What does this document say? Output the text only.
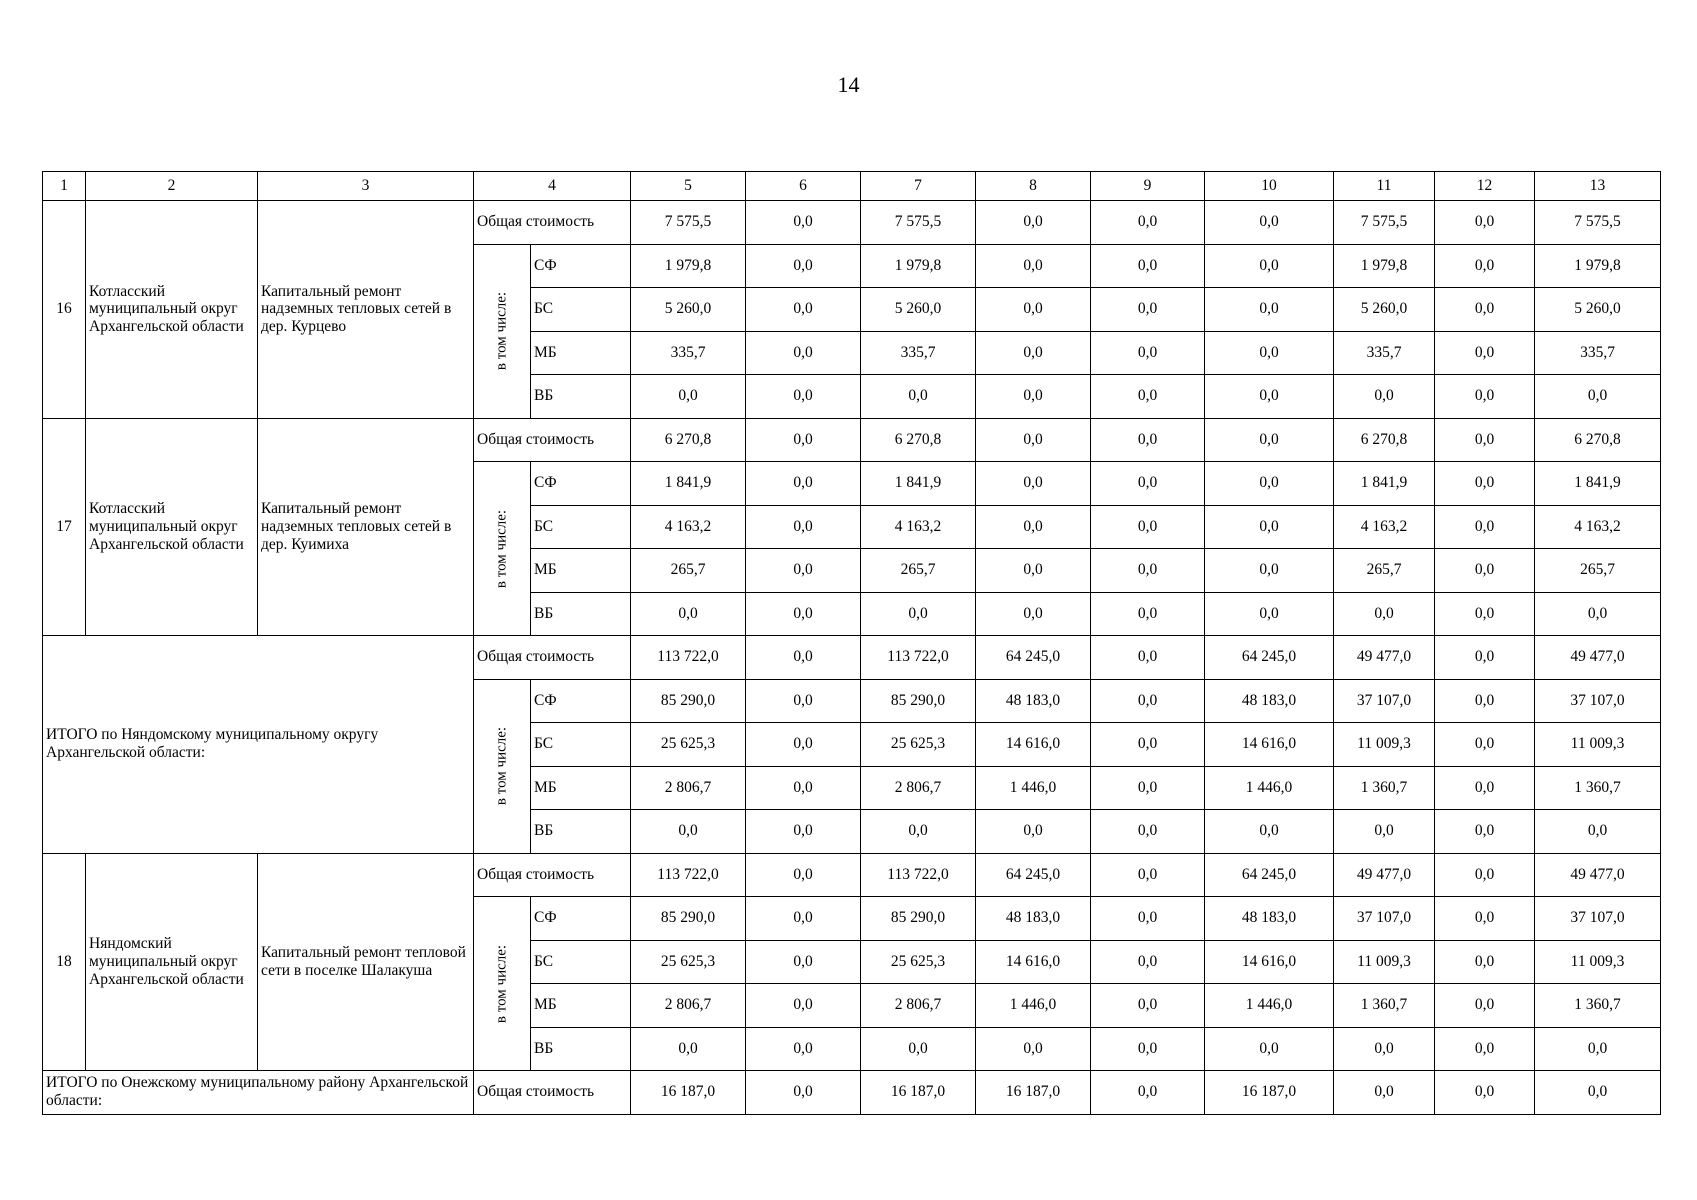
14
1	2	3	4		5	6	7	8	9	10	11	12	13
16	Котласский муниципальный округ Архангельской области	Капитальный ремонт надземных тепловых сетей в дер. Курцево	Общая стоимость		7 575,5	0,0	7 575,5	0,0	0,0	0,0	7 575,5	0,0	7 575,5

			в том числе:	СФ	1 979,8	0,0	1 979,8	0,0	0,0	0,0	1 979,8	0,0	1 979,8
				БС	5 260,0	0,0	5 260,0	0,0	0,0	0,0	5 260,0	0,0	5 260,0
				МБ	335,7	0,0	335,7	0,0	0,0	0,0	335,7	0,0	335,7
				ВБ	0,0	0,0	0,0	0,0	0,0	0,0	0,0	0,0	0,0
17	Котласский муниципальный округ Архангельской области	Капитальный ремонт надземных тепловых сетей в дер. Куимиха	Общая стоимость		6 270,8	0,0	6 270,8	0,0	0,0	0,0	6 270,8	0,0	6 270,8

			в том числе:	СФ	1 841,9	0,0	1 841,9	0,0	0,0	0,0	1 841,9	0,0	1 841,9
				БС	4 163,2	0,0	4 163,2	0,0	0,0	0,0	4 163,2	0,0	4 163,2
				МБ	265,7	0,0	265,7	0,0	0,0	0,0	265,7	0,0	265,7
				ВБ	0,0	0,0	0,0	0,0	0,0	0,0	0,0	0,0	0,0
ИТОГО по Няндомскому муниципальному округу Архангельской области:			Общая стоимость		113 722,0	0,0	113 722,0	64 245,0	0,0	64 245,0	49 477,0	0,0	49 477,0

			в том числе:	СФ	85 290,0	0,0	85 290,0	48 183,0	0,0	48 183,0	37 107,0	0,0	37 107,0
				БС	25 625,3	0,0	25 625,3	14 616,0	0,0	14 616,0	11 009,3	0,0	11 009,3
				МБ	2 806,7	0,0	2 806,7	1 446,0	0,0	1 446,0	1 360,7	0,0	1 360,7
				ВБ	0,0	0,0	0,0	0,0	0,0	0,0	0,0	0,0	0,0
18	Няндомский муниципальный округ Архангельской области	Капитальный ремонт тепловой сети в поселке Шалакуша	Общая стоимость		113 722,0	0,0	113 722,0	64 245,0	0,0	64 245,0	49 477,0	0,0	49 477,0

			в том числе:	СФ	85 290,0	0,0	85 290,0	48 183,0	0,0	48 183,0	37 107,0	0,0	37 107,0
				БС	25 625,3	0,0	25 625,3	14 616,0	0,0	14 616,0	11 009,3	0,0	11 009,3
				МБ	2 806,7	0,0	2 806,7	1 446,0	0,0	1 446,0	1 360,7	0,0	1 360,7
				ВБ	0,0	0,0	0,0	0,0	0,0	0,0	0,0	0,0	0,0
ИТОГО по Онежскому муниципальному району Архангельской области:			Общая стоимость		16 187,0	0,0	16 187,0	16 187,0	0,0	16 187,0	0,0	0,0	0,0
